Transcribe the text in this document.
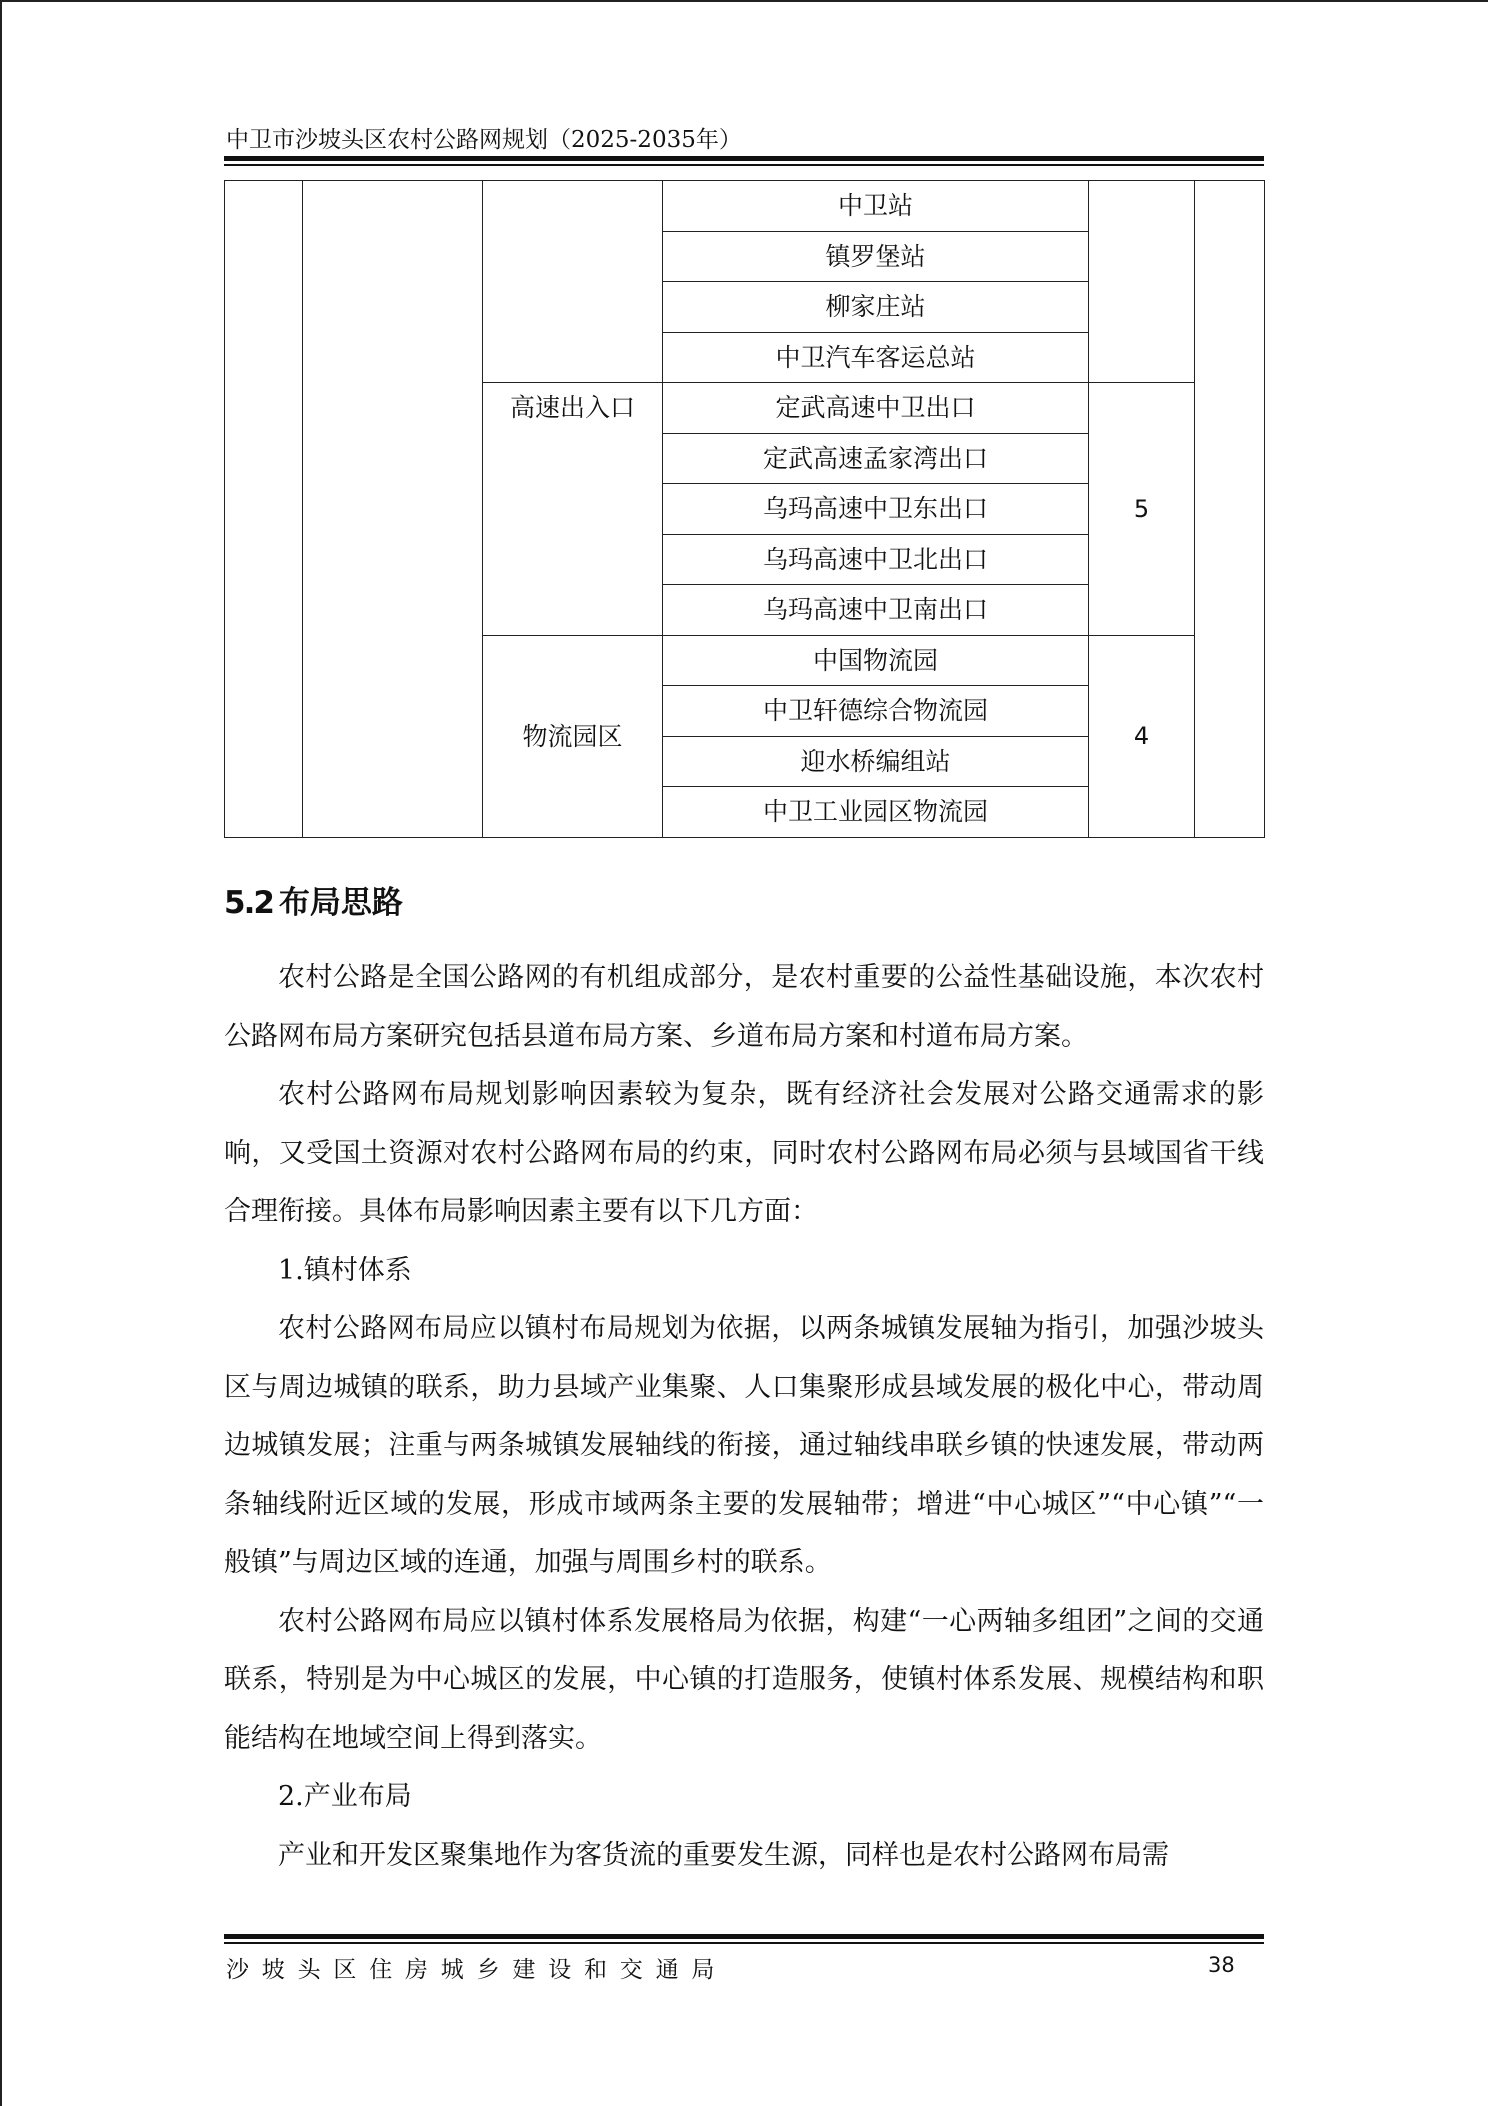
中卫市沙坡头区农村公路网规划（2025-2035年）
			中卫站		
			镇罗堡站		
			柳家庄站		
			中卫汽车客运总站		
		高速出入口	定武高速中卫出口	5	
			定武高速孟家湾出口		
			乌玛高速中卫东出口		
			乌玛高速中卫北出口		
			乌玛高速中卫南出口		
		物流园区	中国物流园	4	
			中卫轩德综合物流园		
			迎水桥编组站		
			中卫工业园区物流园		
5.2 布局思路

农村公路是全国公路网的有机组成部分，是农村重要的公益性基础设施，本次农村公路网布局方案研究包括县道布局方案、乡道布局方案和村道布局方案。

农村公路网布局规划影响因素较为复杂，既有经济社会发展对公路交通需求的影响，又受国土资源对农村公路网布局的约束，同时农村公路网布局必须与县域国省干线合理衔接。具体布局影响因素主要有以下几方面：

1.镇村体系

农村公路网布局应以镇村布局规划为依据，以两条城镇发展轴为指引，加强沙坡头区与周边城镇的联系，助力县域产业集聚、人口集聚形成县域发展的极化中心，带动周边城镇发展；注重与两条城镇发展轴线的衔接，通过轴线串联乡镇的快速发展，带动两条轴线附近区域的发展，形成市域两条主要的发展轴带；增进“中心城区”“中心镇”“一般镇”与周边区域的连通，加强与周围乡村的联系。

农村公路网布局应以镇村体系发展格局为依据，构建“一心两轴多组团”之间的交通联系，特别是为中心城区的发展，中心镇的打造服务，使镇村体系发展、规模结构和职能结构在地域空间上得到落实。

2.产业布局

产业和开发区聚集地作为客货流的重要发生源，同样也是农村公路网布局需

沙坡头区住房城乡建设和交通局	38
